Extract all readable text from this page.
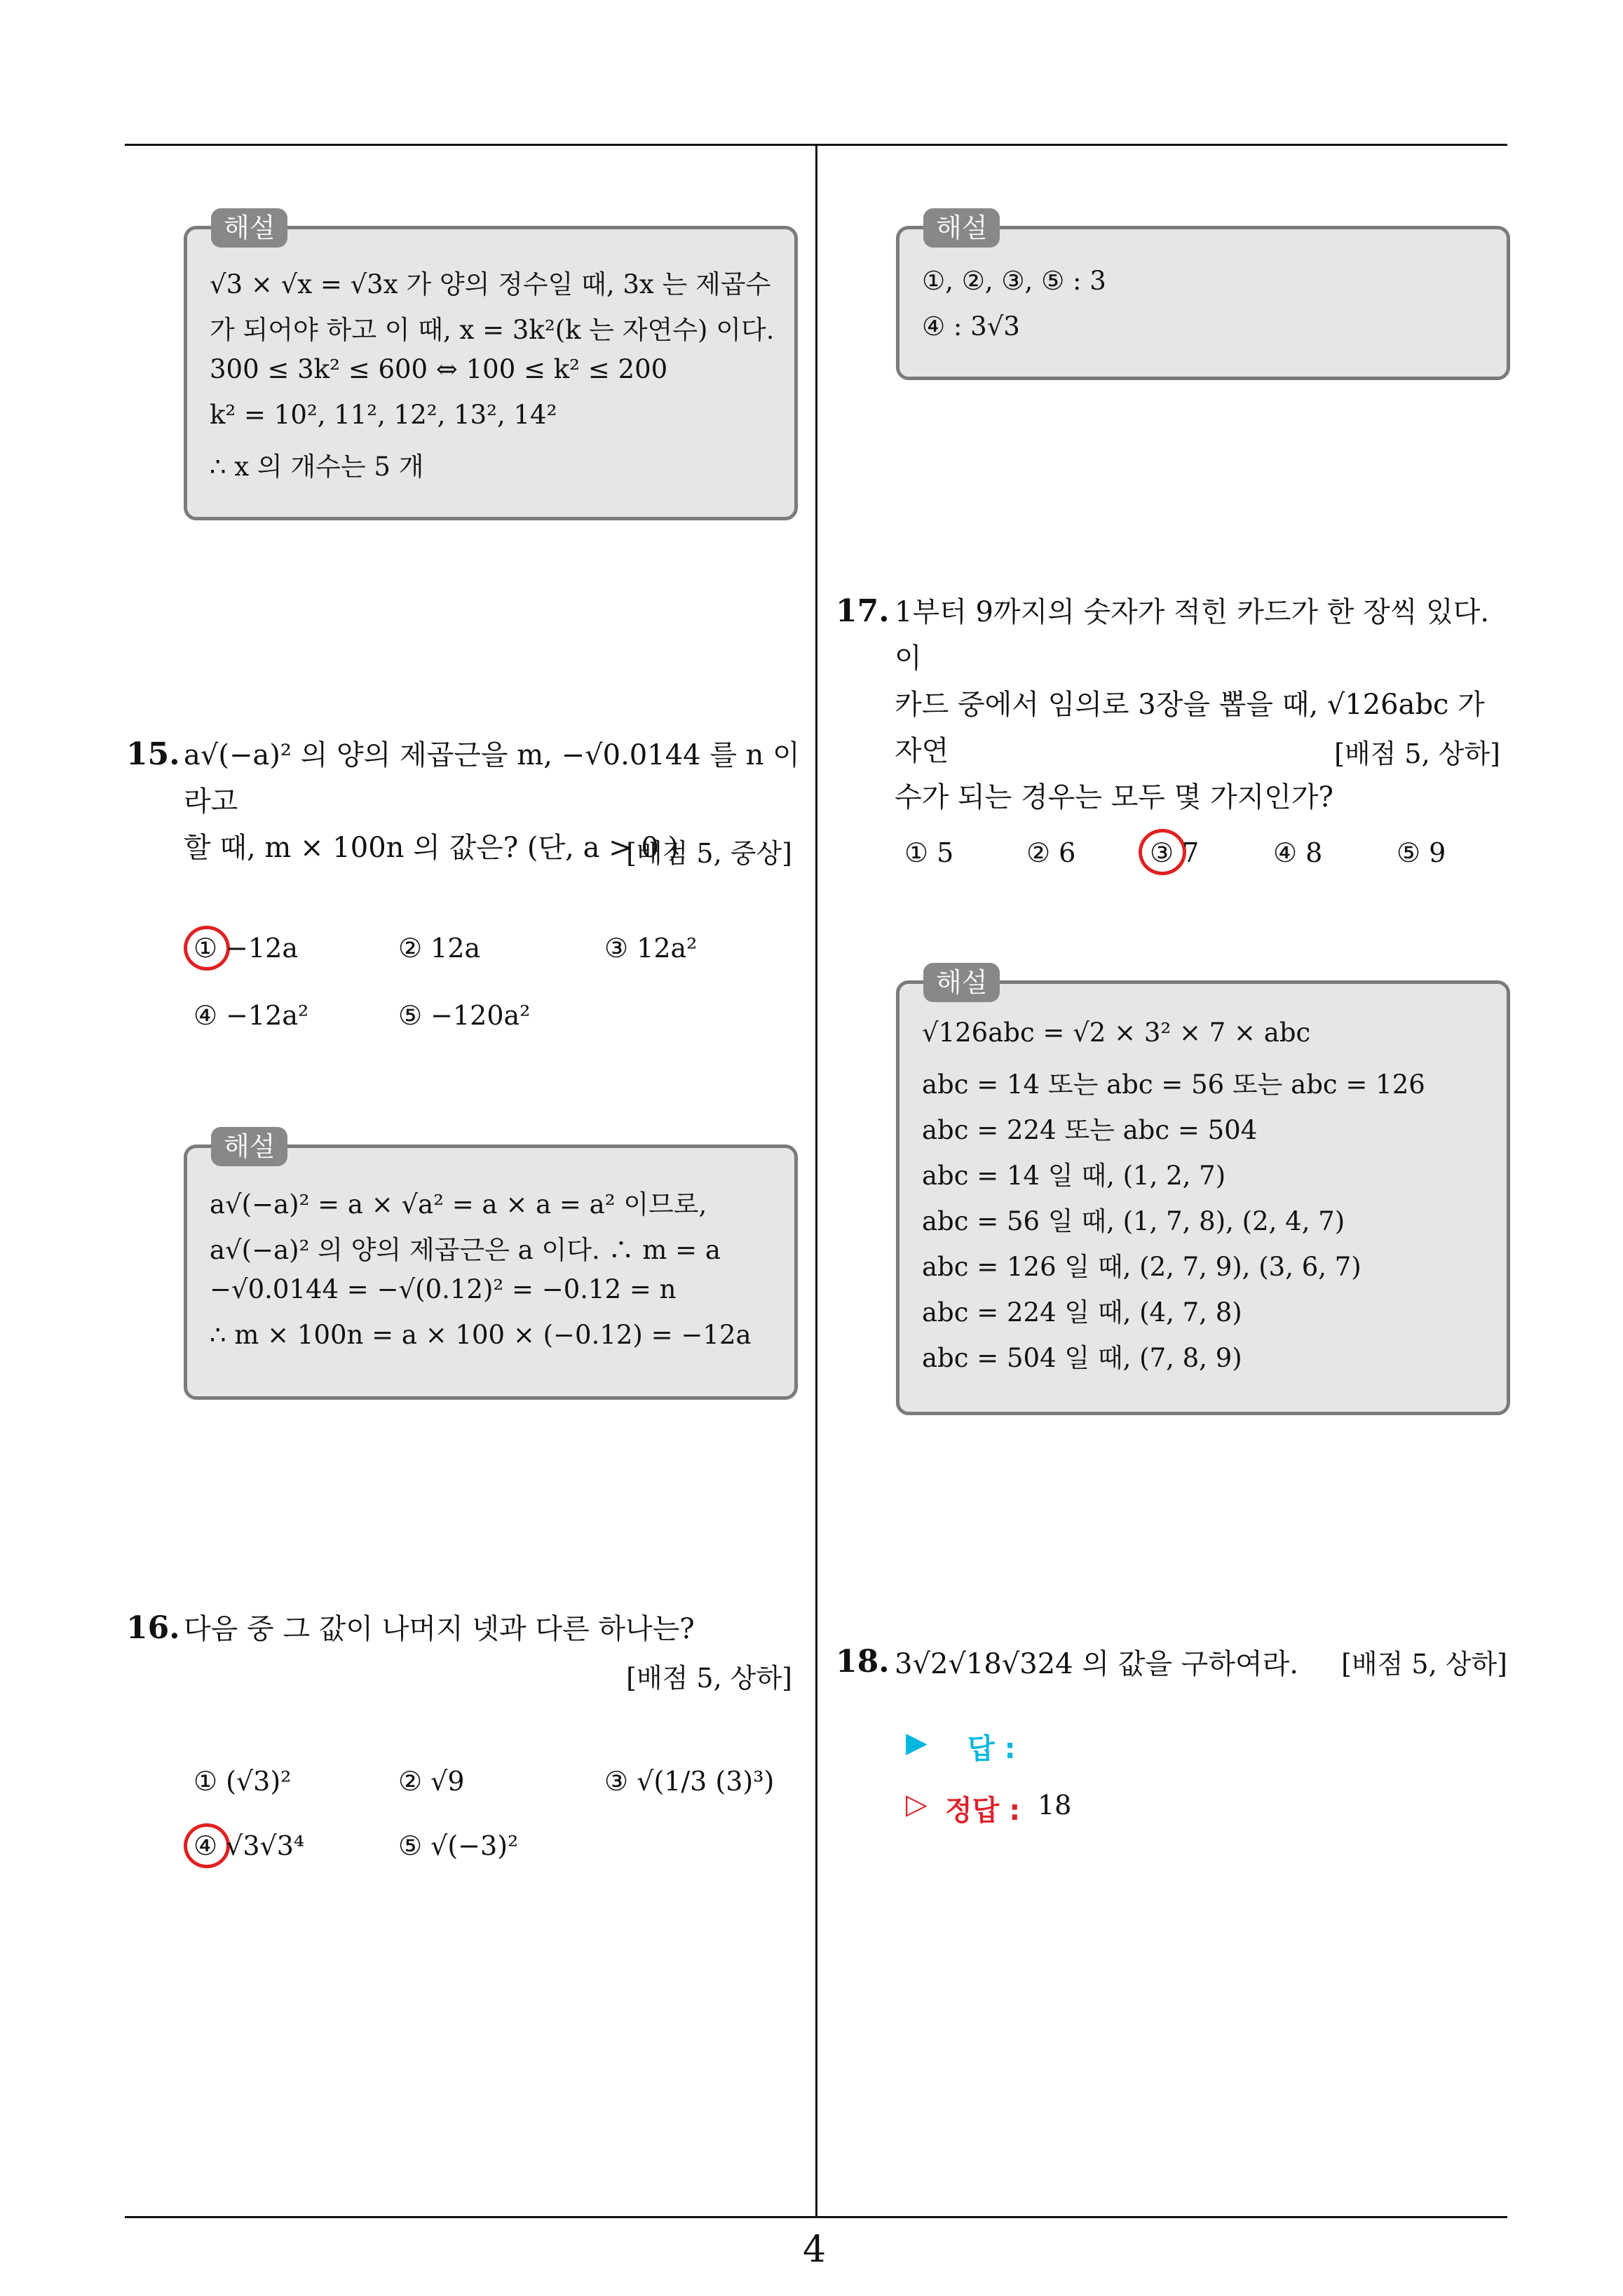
4
해설
√3 × √x = √3x 가 양의 정수일 때, 3x 는 제곱수
가 되어야 하고 이 때, x = 3k²(k 는 자연수) 이다.
300 ≤ 3k² ≤ 600 ⇔ 100 ≤ k² ≤ 200
k² = 10², 11², 12², 13², 14²
∴ x 의 개수는 5 개
15. a√(−a)² 의 양의 제곱근을 m, −√0.0144 를 n 이라고
할 때, m × 100n 의 값은? (단, a > 0 )
[배점 5, 중상]
① −12a	② 12a	③ 12a²
④ −12a²	⑤ −120a²
해설
a√(−a)² = a × √a² = a × a = a² 이므로,
a√(−a)² 의 양의 제곱근은 a 이다. ∴ m = a
−√0.0144 = −√(0.12)² = −0.12 = n
∴ m × 100n = a × 100 × (−0.12) = −12a
16. 다음 중 그 값이 나머지 넷과 다른 하나는?
[배점 5, 상하]
① (√3)²	② √9	③ √(1/3 (3)³)
④ √3√3⁴	⑤ √(−3)²
해설
①, ②, ③, ⑤ : 3
④ : 3√3
17. 1부터 9까지의 숫자가 적힌 카드가 한 장씩 있다. 이
카드 중에서 임의로 3장을 뽑을 때, √126abc 가 자연
수가 되는 경우는 모두 몇 가지인가?
[배점 5, 상하]
① 5	② 6	③ 7	④ 8	⑤ 9
해설
√126abc = √2 × 3² × 7 × abc
abc = 14 또는 abc = 56 또는 abc = 126
abc = 224 또는 abc = 504
abc = 14 일 때, (1, 2, 7)
abc = 56 일 때, (1, 7, 8), (2, 4, 7)
abc = 126 일 때, (2, 7, 9), (3, 6, 7)
abc = 224 일 때, (4, 7, 8)
abc = 504 일 때, (7, 8, 9)
18. 3√2√18√324 의 값을 구하여라.	[배점 5, 상하]
▶ 답 :
▷ 정답 : 18
